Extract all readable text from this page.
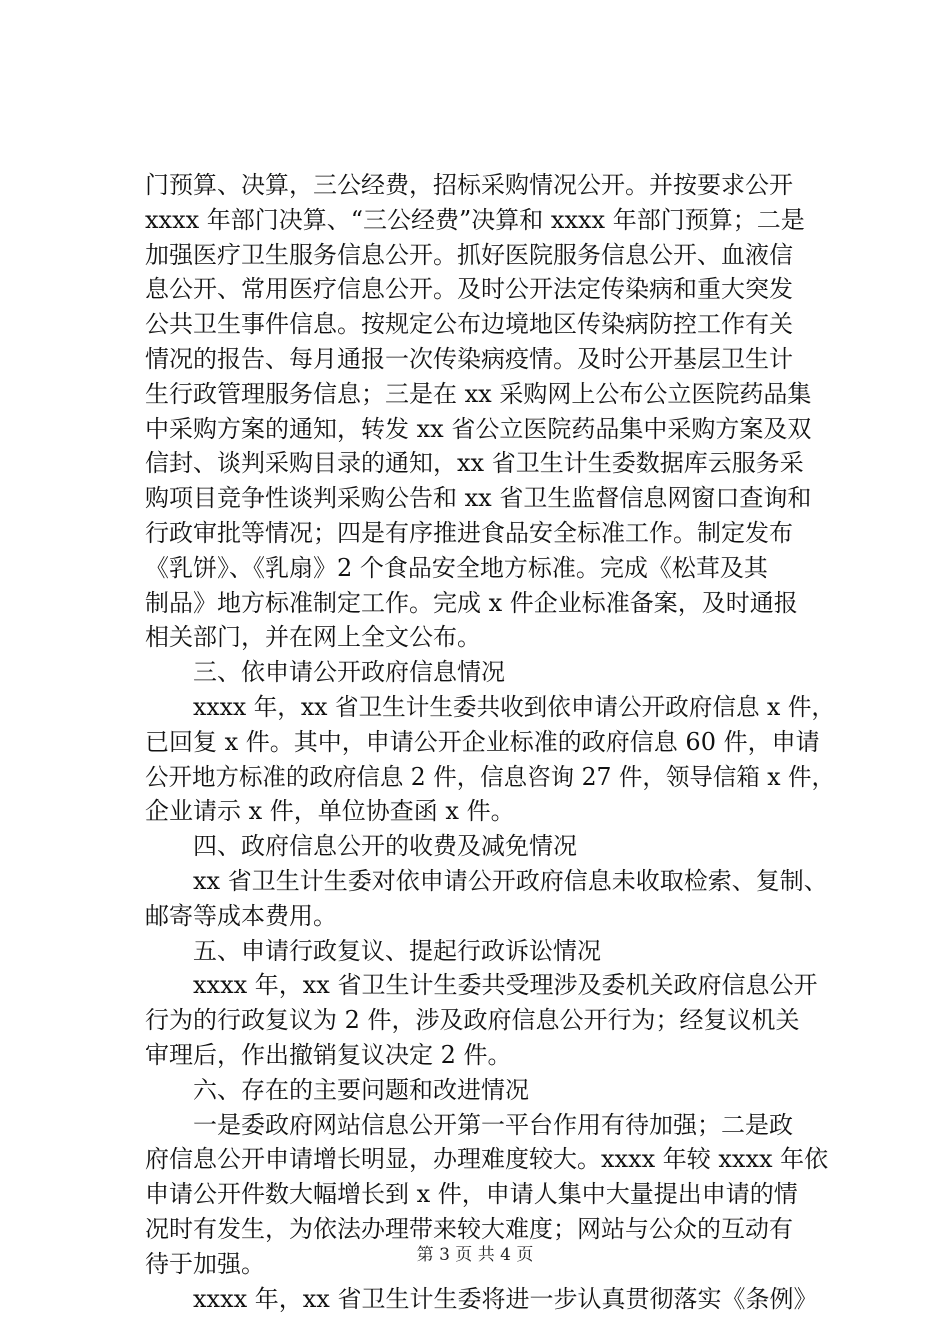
门预算、决算，三公经费，招标采购情况公开。并按要求公开
xxxx 年部门决算、“三公经费”决算和 xxxx 年部门预算；二是
加强医疗卫生服务信息公开。抓好医院服务信息公开、血液信
息公开、常用医疗信息公开。及时公开法定传染病和重大突发
公共卫生事件信息。按规定公布边境地区传染病防控工作有关
情况的报告、每月通报一次传染病疫情。及时公开基层卫生计
生行政管理服务信息；三是在 xx 采购网上公布公立医院药品集
中采购方案的通知，转发 xx 省公立医院药品集中采购方案及双
信封、谈判采购目录的通知，xx 省卫生计生委数据库云服务采
购项目竞争性谈判采购公告和 xx 省卫生监督信息网窗口查询和
行政审批等情况；四是有序推进食品安全标准工作。制定发布
《乳饼》、《乳扇》2 个食品安全地方标准。完成《松茸及其
制品》地方标准制定工作。完成 x 件企业标准备案，及时通报
相关部门，并在网上全文公布。
三、依申请公开政府信息情况
xxxx 年，xx 省卫生计生委共收到依申请公开政府信息 x 件，
已回复 x 件。其中，申请公开企业标准的政府信息 60 件，申请
公开地方标准的政府信息 2 件，信息咨询 27 件，领导信箱 x 件，
企业请示 x 件，单位协查函 x 件。
四、政府信息公开的收费及减免情况
xx 省卫生计生委对依申请公开政府信息未收取检索、复制、
邮寄等成本费用。
五、申请行政复议、提起行政诉讼情况
xxxx 年，xx 省卫生计生委共受理涉及委机关政府信息公开
行为的行政复议为 2 件，涉及政府信息公开行为；经复议机关
审理后，作出撤销复议决定 2 件。
六、存在的主要问题和改进情况
一是委政府网站信息公开第一平台作用有待加强；二是政
府信息公开申请增长明显，办理难度较大。xxxx 年较 xxxx 年依
申请公开件数大幅增长到 x 件，申请人集中大量提出申请的情
况时有发生，为依法办理带来较大难度；网站与公众的互动有
待于加强。
xxxx 年，xx 省卫生计生委将进一步认真贯彻落实《条例》
第 3 页 共 4 页
